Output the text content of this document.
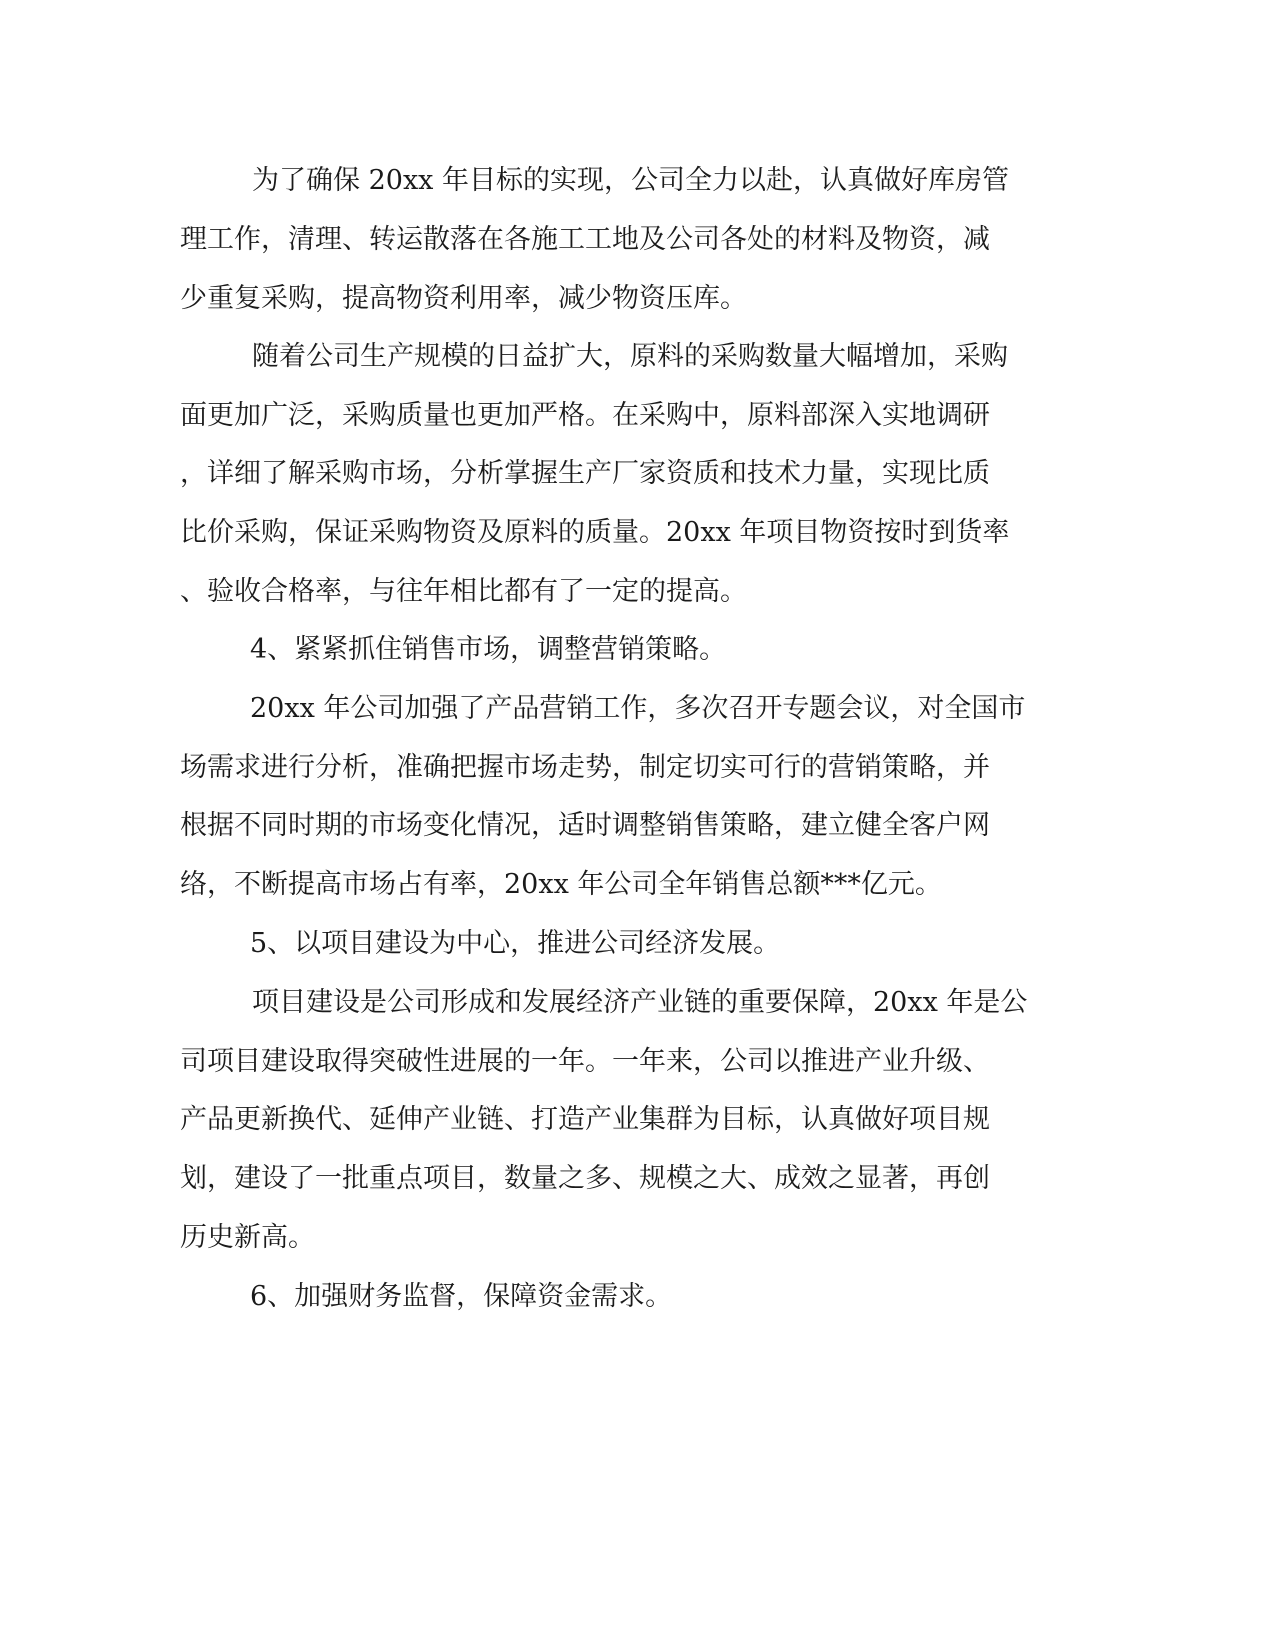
为了确保 20xx 年目标的实现，公司全力以赴，认真做好库房管
理工作，清理、转运散落在各施工工地及公司各处的材料及物资，减
少重复采购，提高物资利用率，减少物资压库。
随着公司生产规模的日益扩大，原料的采购数量大幅增加，采购
面更加广泛，采购质量也更加严格。在采购中，原料部深入实地调研
，详细了解采购市场，分析掌握生产厂家资质和技术力量，实现比质
比价采购，保证采购物资及原料的质量。20xx 年项目物资按时到货率
、验收合格率，与往年相比都有了一定的提高。
4、紧紧抓住销售市场，调整营销策略。
20xx 年公司加强了产品营销工作，多次召开专题会议，对全国市
场需求进行分析，准确把握市场走势，制定切实可行的营销策略，并
根据不同时期的市场变化情况，适时调整销售策略，建立健全客户网
络，不断提高市场占有率，20xx 年公司全年销售总额***亿元。
5、以项目建设为中心，推进公司经济发展。
项目建设是公司形成和发展经济产业链的重要保障，20xx 年是公
司项目建设取得突破性进展的一年。一年来，公司以推进产业升级、
产品更新换代、延伸产业链、打造产业集群为目标，认真做好项目规
划，建设了一批重点项目，数量之多、规模之大、成效之显著，再创
历史新高。
6、加强财务监督，保障资金需求。
